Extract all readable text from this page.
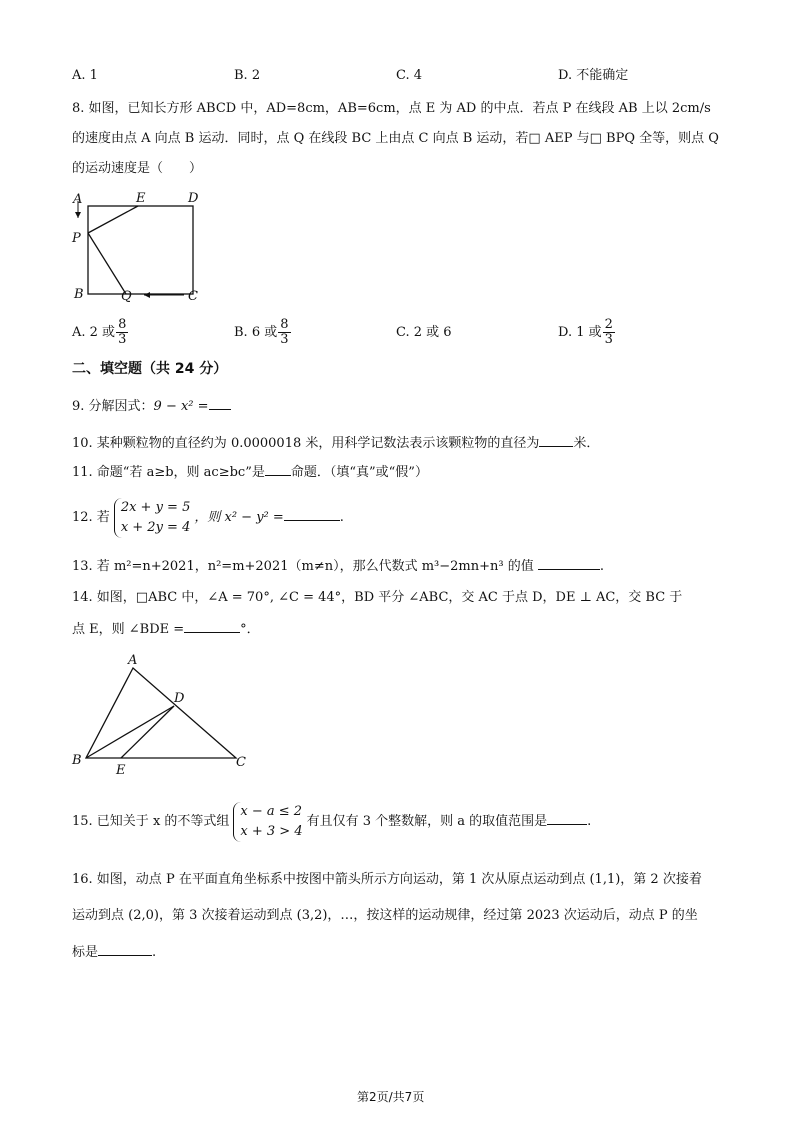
A. 1	B. 2	C. 4	D. 不能确定
8. 如图，已知长方形 ABCD 中，AD=8cm，AB=6cm，点 E 为 AD 的中点．若点 P 在线段 AB 上以 2cm/s
的速度由点 A 向点 B 运动．同时，点 Q 在线段 BC 上由点 C 向点 B 运动，若□ AEP 与□ BPQ 全等，则点 Q
的运动速度是（　　）
A	E	D
P
B	Q	C
A. 2 或 $\frac{8}{3}$	B. 6 或 $\frac{8}{3}$	C. 2 或 6	D. 1 或 $\frac{2}{3}$
二、填空题（共 24 分）
9. 分解因式：9 − x² =
10. 某种颗粒物的直径约为 0.0000018 米，用科学记数法表示该颗粒物的直径为	米．
11. 命题“若 a≥b，则 ac≥bc”是 命题．（填“真”或“假”）
12. 若
2x + y = 5
x + 2y = 4
，则 x² − y² =	.
13. 若 m²=n+2021，n²=m+2021（m≠n），那么代数式 m³−2mn+n³ 的值	.
14. 如图，□ABC 中，∠A = 70°, ∠C = 44°，BD 平分 ∠ABC，交 AC 于点 D，DE ⊥ AC，交 BC 于
点 E，则 ∠BDE =	°．
A
D
B
E
C
15. 已知关于 x 的不等式组
x − a ≤ 2
x + 3 > 4
有且仅有 3 个整数解，则 a 的取值范围是	.
16. 如图，动点 P 在平面直角坐标系中按图中箭头所示方向运动，第 1 次从原点运动到点 (1,1)，第 2 次接着
运动到点 (2,0)，第 3 次接着运动到点 (3,2)，…，按这样的运动规律，经过第 2023 次运动后，动点 P 的坐
标是	.
第2页/共7页
